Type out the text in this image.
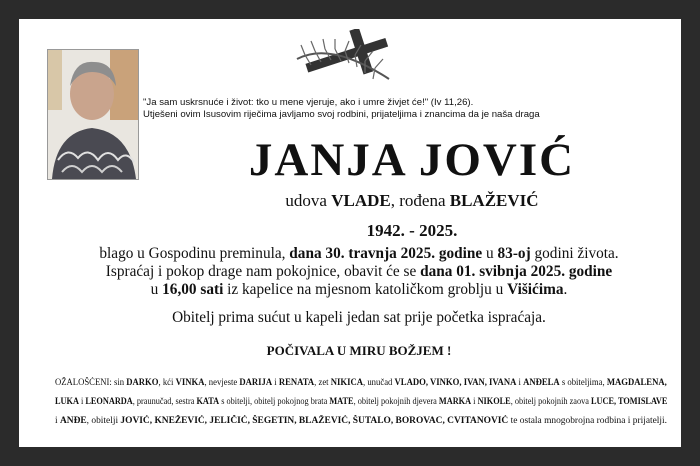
"Ja sam uskrsnuće i život: tko u mene vjeruje, ako i umre živjet će!" (Iv 11,26).
Utješeni ovim Isusovim riječima javljamo svoj rodbini, prijateljima i znancima da je naša draga
JANJA JOVIĆ
udova VLADE, rođena BLAŽEVIĆ
1942. - 2025.
blago u Gospodinu preminula, dana 30. travnja 2025. godine u 83-oj godini života.
Ispraćaj i pokop drage nam pokojnice, obavit će se dana 01. svibnja 2025. godine
u 16,00 sati iz kapelice na mjesnom katoličkom groblju u Višićima.
Obitelj prima sućut u kapeli jedan sat prije početka ispraćaja.
POČIVALA U MIRU BOŽJEM !
OŽALOŠĆENI: sin DARKO, kći VINKA, nevjeste DARIJA i RENATA, zet NIKICA, unučad VLADO, VINKO, IVAN, IVANA i ANĐELA s obiteljima, MAGDALENA,
LUKA i LEONARDA, praunučad, sestra KATA s obitelji, obitelj pokojnog brata MATE, obitelj pokojnih djevera MARKA i NIKOLE, obitelj pokojnih zaova LUCE, TOMISLAVE
i ANĐE, obitelji JOVIĆ, KNEŽEVIĆ, JELIČIĆ, ŠEGETIN, BLAŽEVIĆ, ŠUTALO, BOROVAC, CVITANOVIĆ te ostala mnogobrojna rodbina i prijatelji.
